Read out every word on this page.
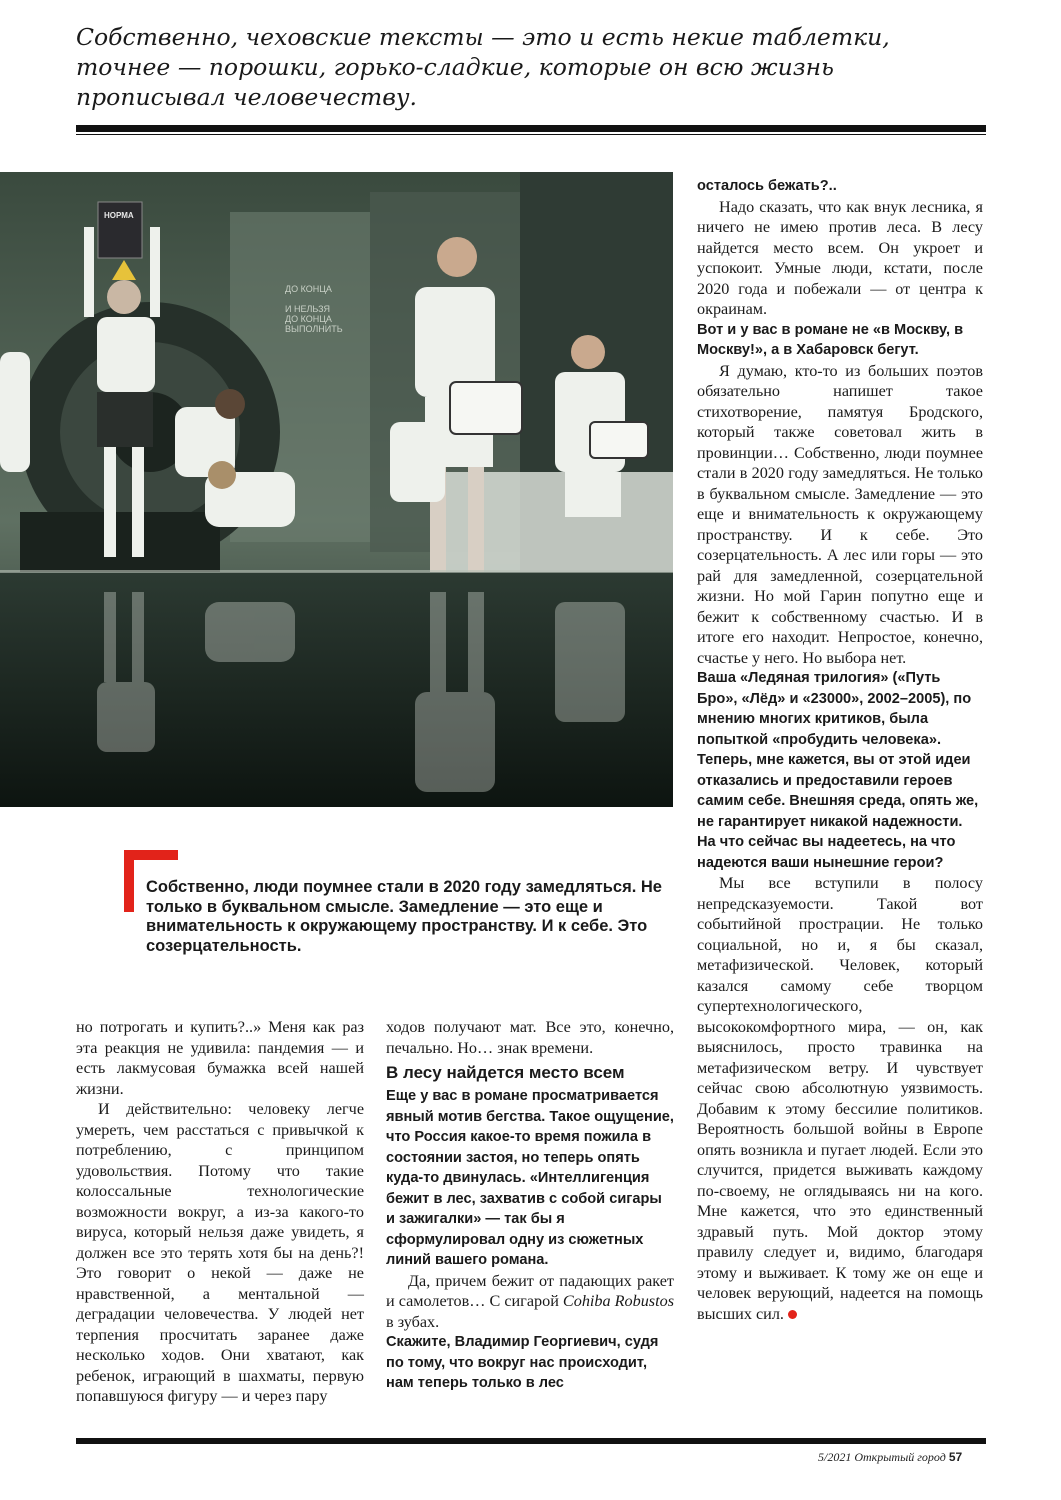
Собственно, чеховские тексты — это и есть некие таблетки, точнее — порошки, горько-сладкие, которые он всю жизнь прописывал человечеству.

ДО КОНЦА
И НЕЛЬЗЯ
ДО КОНЦА
ВЫПОЛНИТЬ
НОРМА

Собственно, люди поумнее стали в 2020 году замедляться. Не только в буквальном смысле. Замедление — это еще и внимательность к окружающему пространству. И к себе. Это созерцательность.

но потрогать и купить?..» Меня как раз эта реакция не удивила: пандемия — и есть лакмусовая бумажка всей нашей жизни.

И действительно: человеку легче умереть, чем расстаться с привычкой к потреблению, с принципом удовольствия. Потому что такие колоссальные технологические возможности вокруг, а из-за какого-то вируса, который нельзя даже увидеть, я должен все это терять хотя бы на день?! Это говорит о некой — даже не нравственной, а ментальной — деградации человечества. У людей нет терпения просчитать заранее даже несколько ходов. Они хватают, как ребенок, играющий в шахматы, первую попавшуюся фигуру — и через пару

ходов получают мат. Все это, конечно, печально. Но… знак времени.

В лесу найдется место всем

Еще у вас в романе просматривается явный мотив бегства. Такое ощущение, что Россия какое-то время пожила в состоянии застоя, но теперь опять куда-то двинулась. «Интеллигенция бежит в лес, захватив с собой сигары и зажигалки» — так бы я сформулировал одну из сюжетных линий вашего романа.

Да, причем бежит от падающих ракет и самолетов… С сигарой Cohiba Robustos в зубах.

Скажите, Владимир Георгиевич, судя по тому, что вокруг нас происходит, нам теперь только в лес

осталось бежать?..

Надо сказать, что как внук лесника, я ничего не имею против леса. В лесу найдется место всем. Он укроет и успокоит. Умные люди, кстати, после 2020 года и побежали — от центра к окраинам.

Вот и у вас в романе не «в Москву, в Москву!», а в Хабаровск бегут.

Я думаю, кто-то из больших поэтов обязательно напишет такое стихотворение, памятуя Бродского, который также советовал жить в провинции… Собственно, люди поумнее стали в 2020 году замедляться. Не только в буквальном смысле. Замедление — это еще и внимательность к окружающему пространству. И к себе. Это созерцательность. А лес или горы — это рай для замедленной, созерцательной жизни. Но мой Гарин попутно еще и бежит к собственному счастью. И в итоге его находит. Непростое, конечно, счастье у него. Но выбора нет.

Ваша «Ледяная трилогия» («Путь Бро», «Лёд» и «23000», 2002–2005), по мнению многих критиков, была попыткой «пробудить человека». Теперь, мне кажется, вы от этой идеи отказались и предоставили героев самим себе. Внешняя среда, опять же, не гарантирует никакой надежности. На что сейчас вы надеетесь, на что надеются ваши нынешние герои?

Мы все вступили в полосу непредсказуемости. Такой вот событийной прострации. Не только социальной, но и, я бы сказал, метафизической. Человек, который казался самому себе творцом супертехнологического, высококомфортного мира, — он, как выяснилось, просто травинка на метафизическом ветру. И чувствует сейчас свою абсолютную уязвимость. Добавим к этому бессилие политиков. Вероятность большой войны в Европе опять возникла и пугает людей. Если это случится, придется выживать каждому по-своему, не оглядываясь ни на кого. Мне кажется, что это единственный здравый путь. Мой доктор этому правилу следует и, видимо, благодаря этому и выживает. К тому же он еще и человек верующий, надеется на помощь высших сил.

5/2021 Открытый город 57
